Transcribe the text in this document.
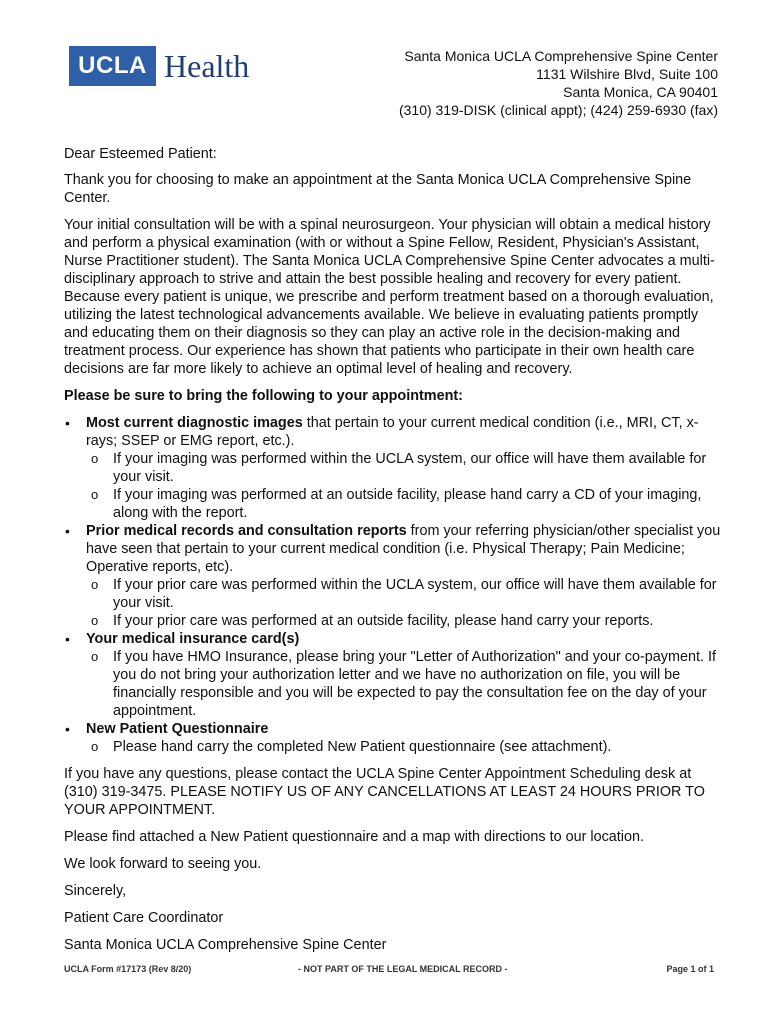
UCLA Health	Santa Monica UCLA Comprehensive Spine Center
1131 Wilshire Blvd, Suite 100
Santa Monica, CA 90401
(310) 319-DISK (clinical appt); (424) 259-6930 (fax)

Dear Esteemed Patient:

Thank you for choosing to make an appointment at the Santa Monica UCLA Comprehensive Spine Center.

Your initial consultation will be with a spinal neurosurgeon. Your physician will obtain a medical history and perform a physical examination (with or without a Spine Fellow, Resident, Physician's Assistant, Nurse Practitioner student). The Santa Monica UCLA Comprehensive Spine Center advocates a multi-disciplinary approach to strive and attain the best possible healing and recovery for every patient. Because every patient is unique, we prescribe and perform treatment based on a thorough evaluation, utilizing the latest technological advancements available. We believe in evaluating patients promptly and educating them on their diagnosis so they can play an active role in the decision-making and treatment process. Our experience has shown that patients who participate in their own health care decisions are far more likely to achieve an optimal level of healing and recovery.

Please be sure to bring the following to your appointment:

• Most current diagnostic images that pertain to your current medical condition (i.e., MRI, CT, x-rays; SSEP or EMG report, etc.).
o If your imaging was performed within the UCLA system, our office will have them available for your visit.
o If your imaging was performed at an outside facility, please hand carry a CD of your imaging, along with the report.
• Prior medical records and consultation reports from your referring physician/other specialist you have seen that pertain to your current medical condition (i.e. Physical Therapy; Pain Medicine; Operative reports, etc).
o If your prior care was performed within the UCLA system, our office will have them available for your visit.
o If your prior care was performed at an outside facility, please hand carry your reports.
• Your medical insurance card(s)
o If you have HMO Insurance, please bring your "Letter of Authorization" and your co-payment. If you do not bring your authorization letter and we have no authorization on file, you will be financially responsible and you will be expected to pay the consultation fee on the day of your appointment.
• New Patient Questionnaire
o Please hand carry the completed New Patient questionnaire (see attachment).

If you have any questions, please contact the UCLA Spine Center Appointment Scheduling desk at (310) 319-3475. PLEASE NOTIFY US OF ANY CANCELLATIONS AT LEAST 24 HOURS PRIOR TO YOUR APPOINTMENT.

Please find attached a New Patient questionnaire and a map with directions to our location.

We look forward to seeing you.

Sincerely,

Patient Care Coordinator

Santa Monica UCLA Comprehensive Spine Center

UCLA Form #17173 (Rev 8/20)	- NOT PART OF THE LEGAL MEDICAL RECORD -	Page 1 of 1
